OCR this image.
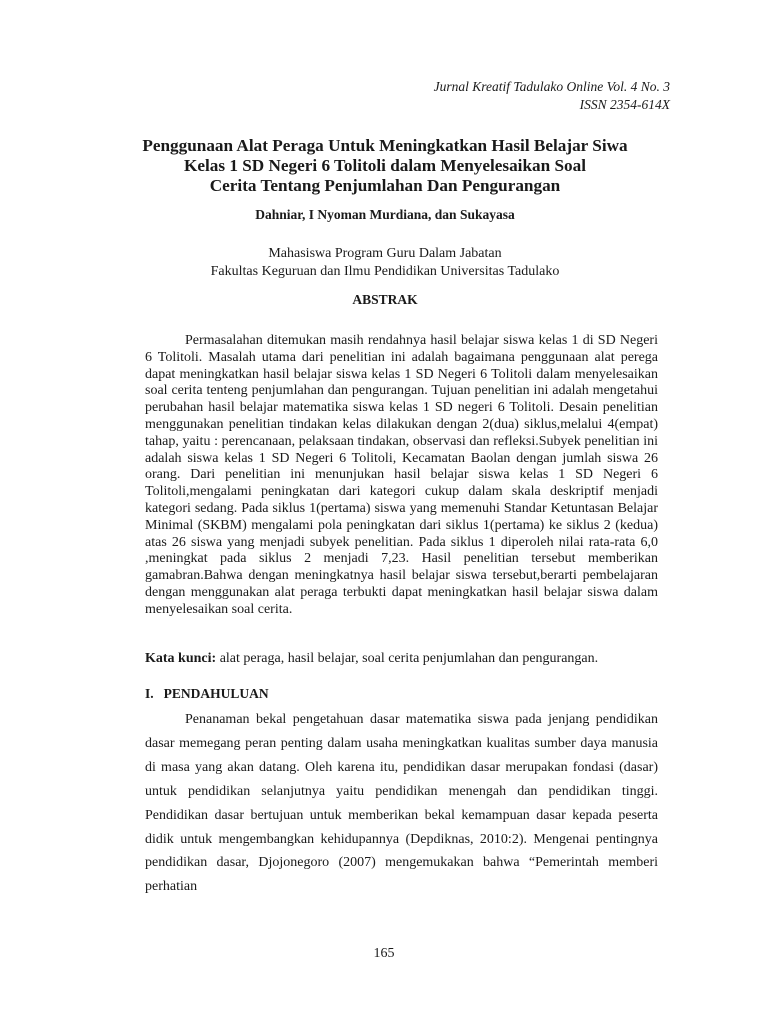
Jurnal Kreatif Tadulako Online Vol. 4 No. 3
ISSN 2354-614X
Penggunaan Alat Peraga Untuk Meningkatkan Hasil Belajar Siwa
Kelas 1 SD Negeri 6 Tolitoli dalam Menyelesaikan Soal
Cerita Tentang Penjumlahan Dan Pengurangan
Dahniar, I Nyoman Murdiana, dan Sukayasa
Mahasiswa Program Guru Dalam Jabatan
Fakultas Keguruan dan Ilmu Pendidikan Universitas Tadulako
ABSTRAK

Permasalahan ditemukan masih rendahnya hasil belajar siswa kelas 1 di SD Negeri 6 Tolitoli. Masalah utama dari penelitian ini adalah bagaimana penggunaan alat perega dapat meningkatkan hasil belajar siswa kelas 1 SD Negeri 6 Tolitoli dalam menyelesaikan soal cerita tenteng penjumlahan dan pengurangan. Tujuan penelitian ini adalah mengetahui perubahan hasil belajar matematika siswa kelas 1 SD negeri 6 Tolitoli. Desain penelitian menggunakan penelitian tindakan kelas dilakukan dengan 2(dua) siklus,melalui 4(empat) tahap, yaitu : perencanaan, pelaksaan tindakan, observasi dan refleksi.Subyek penelitian ini adalah siswa kelas 1 SD Negeri 6 Tolitoli, Kecamatan Baolan dengan jumlah siswa 26 orang. Dari penelitian ini menunjukan hasil belajar siswa kelas 1 SD Negeri 6 Tolitoli,mengalami peningkatan dari kategori cukup dalam skala deskriptif menjadi kategori sedang. Pada siklus 1(pertama) siswa yang memenuhi Standar Ketuntasan Belajar Minimal (SKBM) mengalami pola peningkatan dari siklus 1(pertama) ke siklus 2 (kedua) atas 26 siswa yang menjadi subyek penelitian. Pada siklus 1 diperoleh nilai rata-rata 6,0 ,meningkat pada siklus 2 menjadi 7,23. Hasil penelitian tersebut memberikan gamabran.Bahwa dengan meningkatnya hasil belajar siswa tersebut,berarti pembelajaran dengan menggunakan alat peraga terbukti dapat meningkatkan hasil belajar siswa dalam menyelesaikan soal cerita.

Kata kunci: alat peraga, hasil belajar, soal cerita penjumlahan dan pengurangan.

I. PENDAHULUAN

Penanaman bekal pengetahuan dasar matematika siswa pada jenjang pendidikan dasar memegang peran penting dalam usaha meningkatkan kualitas sumber daya manusia di masa yang akan datang. Oleh karena itu, pendidikan dasar merupakan fondasi (dasar) untuk pendidikan selanjutnya yaitu pendidikan menengah dan pendidikan tinggi. Pendidikan dasar bertujuan untuk memberikan bekal kemampuan dasar kepada peserta didik untuk mengembangkan kehidupannya (Depdiknas, 2010:2). Mengenai pentingnya pendidikan dasar, Djojonegoro (2007) mengemukakan bahwa “Pemerintah memberi perhatian

165
